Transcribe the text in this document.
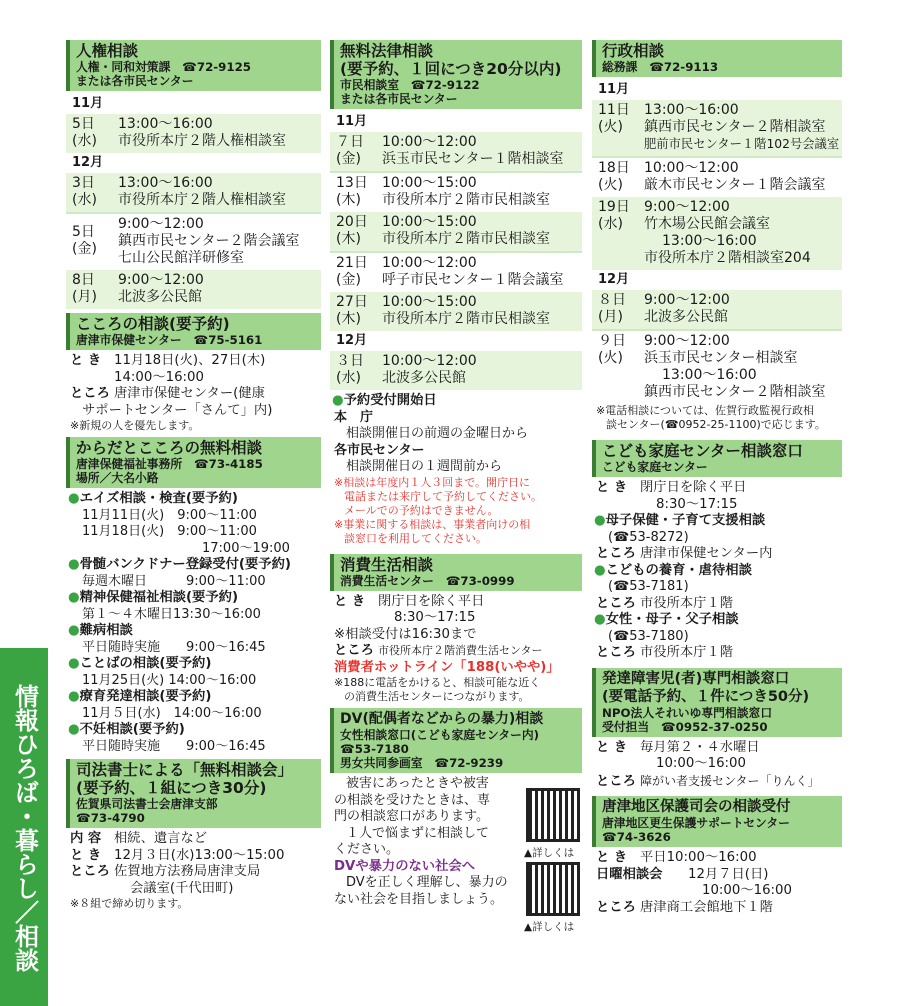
情報ひろば・暮らし／相談
人権相談
人権・同和対策課　☎72-9125
または各市民センター
11月
5日
(水)
13:00〜16:00
市役所本庁２階人権相談室
12月
3日
(水)
13:00〜16:00
市役所本庁２階人権相談室
5日
(金)
9:00〜12:00
鎮西市民センター２階会議室
七山公民館洋研修室
8日
(月)
9:00〜12:00
北波多公民館
こころの相談(要予約)
唐津市保健センター　☎75-5161
と き 11月18日(火)、27日(木)
14:00〜16:00
ところ 唐津市保健センター(健康
サポートセンター「さんて」内)
※新規の人を優先します。
からだとこころの無料相談
唐津保健福祉事務所　☎73-4185
場所／大名小路
● エイズ相談・検査(要予約)
11月11日(火)　9:00〜11:00
11月18日(火)　9:00〜11:00
17:00〜19:00
● 骨髄バンクドナー登録受付(要予約)
毎週木曜日　　　9:00〜11:00
● 精神保健福祉相談(要予約)
第１〜４木曜日13:30〜16:00
● 難病相談
平日随時実施　　9:00〜16:45
● ことばの相談(要予約)
11月25日(火) 14:00〜16:00
● 療育発達相談(要予約)
11月５日(水)　14:00〜16:00
● 不妊相談(要予約)
平日随時実施　　9:00〜16:45
司法書士による「無料相談会」
(要予約、１組につき30分)
佐賀県司法書士会唐津支部
☎73-4790
内 容 相続、遺言など
と き 12月３日(水)13:00〜15:00
ところ 佐賀地方法務局唐津支局
会議室(千代田町)
※８組で締め切ります。
無料法律相談
(要予約、１回につき20分以内)
市民相談室　☎72-9122
または各市民センター
11月
７日
(金)
10:00〜12:00
浜玉市民センター１階相談室
13日
(木)
10:00〜15:00
市役所本庁２階市民相談室
20日
(木)
10:00〜15:00
市役所本庁２階市民相談室
21日
(金)
10:00〜12:00
呼子市民センター１階会議室
27日
(木)
10:00〜15:00
市役所本庁２階市民相談室
12月
３日
(水)
10:00〜12:00
北波多公民館
● 予約受付開始日
本　庁
相談開催日の前週の金曜日から
各市民センター
相談開催日の１週間前から
※相談は年度内１人３回まで。開庁日に
電話または来庁して予約してください。
メールでの予約はできません。
※事業に関する相談は、事業者向けの相
談窓口を利用してください。
消費生活相談
消費生活センター　☎73-0999
と き 閉庁日を除く平日
8:30〜17:15
※相談受付は16:30まで
ところ 市役所本庁２階消費生活センター
消費者ホットライン「188(いやや)」
※188に電話をかけると、相談可能な近く
の消費生活センターにつながります。
DV(配偶者などからの暴力)相談
女性相談窓口(こども家庭センター内)
☎53-7180
男女共同参画室　☎72-9239
被害にあったときや被害
の相談を受けたときは、専
門の相談窓口があります。
１人で悩まずに相談して
ください。
DVや暴力のない社会へ
DVを正しく理解し、暴力の
ない社会を目指しましょう。
▲詳しくは
▲詳しくは
行政相談
総務課　☎72-9113
11月
11日
(火)
13:00〜16:00
鎮西市民センター２階相談室
肥前市民センター１階102号会議室
18日
(火)
10:00〜12:00
厳木市民センター１階会議室
19日
(水)
9:00〜12:00
竹木場公民館会議室
13:00〜16:00
市役所本庁２階相談室204
12月
８日
(月)
9:00〜12:00
北波多公民館
９日
(火)
9:00〜12:00
浜玉市民センター相談室
13:00〜16:00
鎮西市民センター２階相談室
※電話相談については、佐賀行政監視行政相
談センター(☎0952-25-1100)で応じます。
こども家庭センター相談窓口
こども家庭センター
と き 閉庁日を除く平日
8:30〜17:15
● 母子保健・子育て支援相談
(☎53-8272)
ところ 唐津市保健センター内
● こどもの養育・虐待相談
(☎53-7181)
ところ 市役所本庁１階
● 女性・母子・父子相談
(☎53-7180)
ところ 市役所本庁１階
発達障害児(者)専門相談窓口
(要電話予約、１件につき50分)
NPO法人それいゆ専門相談窓口
受付担当　☎0952-37-0250
と き 毎月第２・４水曜日
10:00〜16:00
ところ 障がい者支援センター「りんく」
唐津地区保護司会の相談受付
唐津地区更生保護サポートセンター
☎74-3626
と き 平日10:00〜16:00
日曜相談会 12月７日(日)
10:00〜16:00
ところ 唐津商工会館地下１階
